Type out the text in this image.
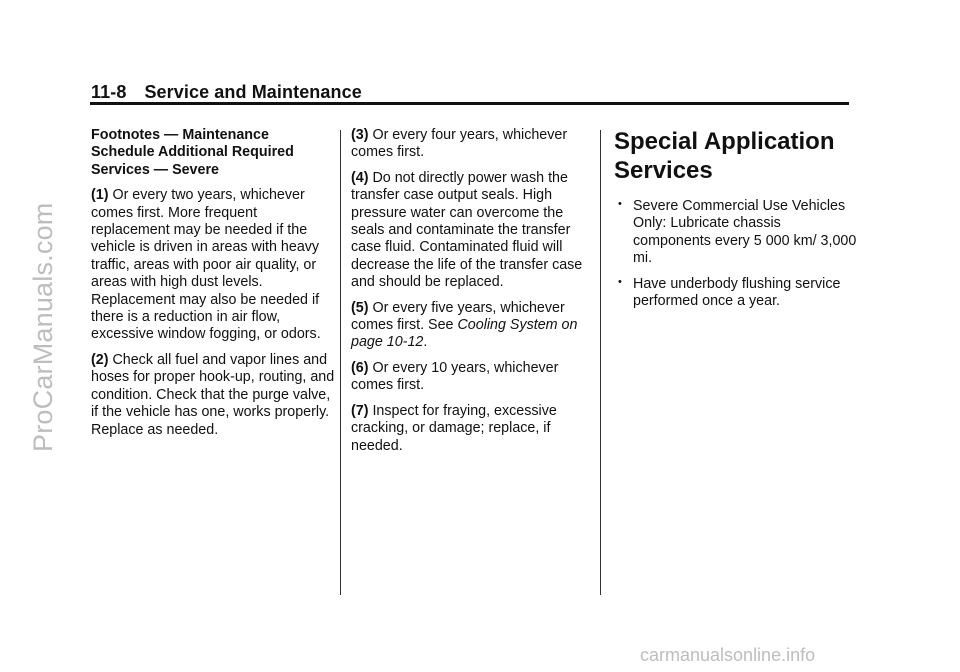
11-8 Service and Maintenance
Footnotes — Maintenance Schedule Additional Required Services — Severe

(1) Or every two years, whichever comes first. More frequent replacement may be needed if the vehicle is driven in areas with heavy traffic, areas with poor air quality, or areas with high dust levels. Replacement may also be needed if there is a reduction in air flow, excessive window fogging, or odors.

(2) Check all fuel and vapor lines and hoses for proper hook-up, routing, and condition. Check that the purge valve, if the vehicle has one, works properly. Replace as needed.

(3) Or every four years, whichever comes first.

(4) Do not directly power wash the transfer case output seals. High pressure water can overcome the seals and contaminate the transfer case fluid. Contaminated fluid will decrease the life of the transfer case and should be replaced.

(5) Or every five years, whichever comes first. See Cooling System on page 10-12.

(6) Or every 10 years, whichever comes first.

(7) Inspect for fraying, excessive cracking, or damage; replace, if needed.

Special Application Services
• Severe Commercial Use Vehicles Only: Lubricate chassis components every 5 000 km/ 3,000 mi.
• Have underbody flushing service performed once a year.
ProCarManuals.com
carmanualsonline.info
